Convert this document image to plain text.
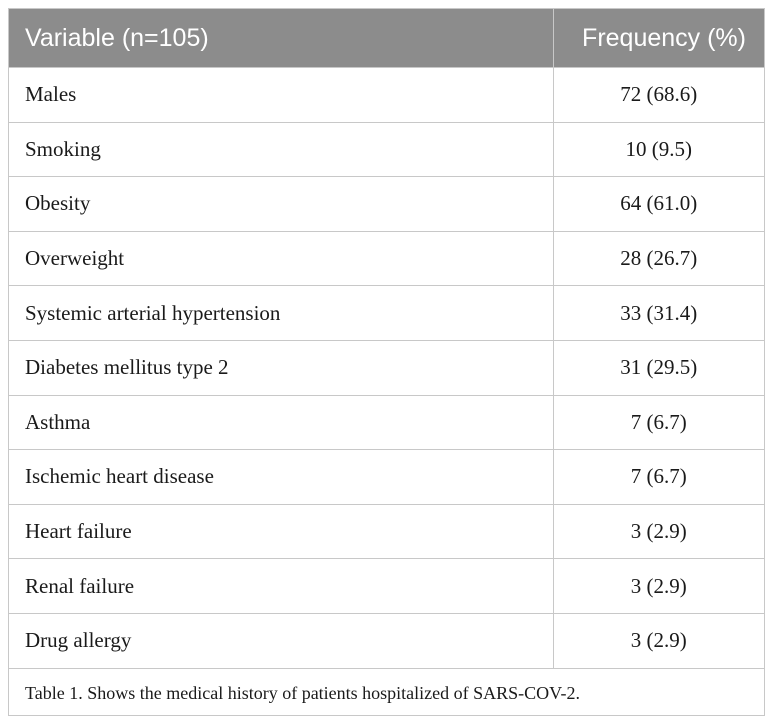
Variable (n=105)	Frequency (%)
Males	72 (68.6)
Smoking	10 (9.5)
Obesity	64 (61.0)
Overweight	28 (26.7)
Systemic arterial hypertension	33 (31.4)
Diabetes mellitus type 2	31 (29.5)
Asthma	7 (6.7)
Ischemic heart disease	7 (6.7)
Heart failure	3 (2.9)
Renal failure	3 (2.9)
Drug allergy	3 (2.9)
Table 1. Shows the medical history of patients hospitalized of SARS-COV-2.
